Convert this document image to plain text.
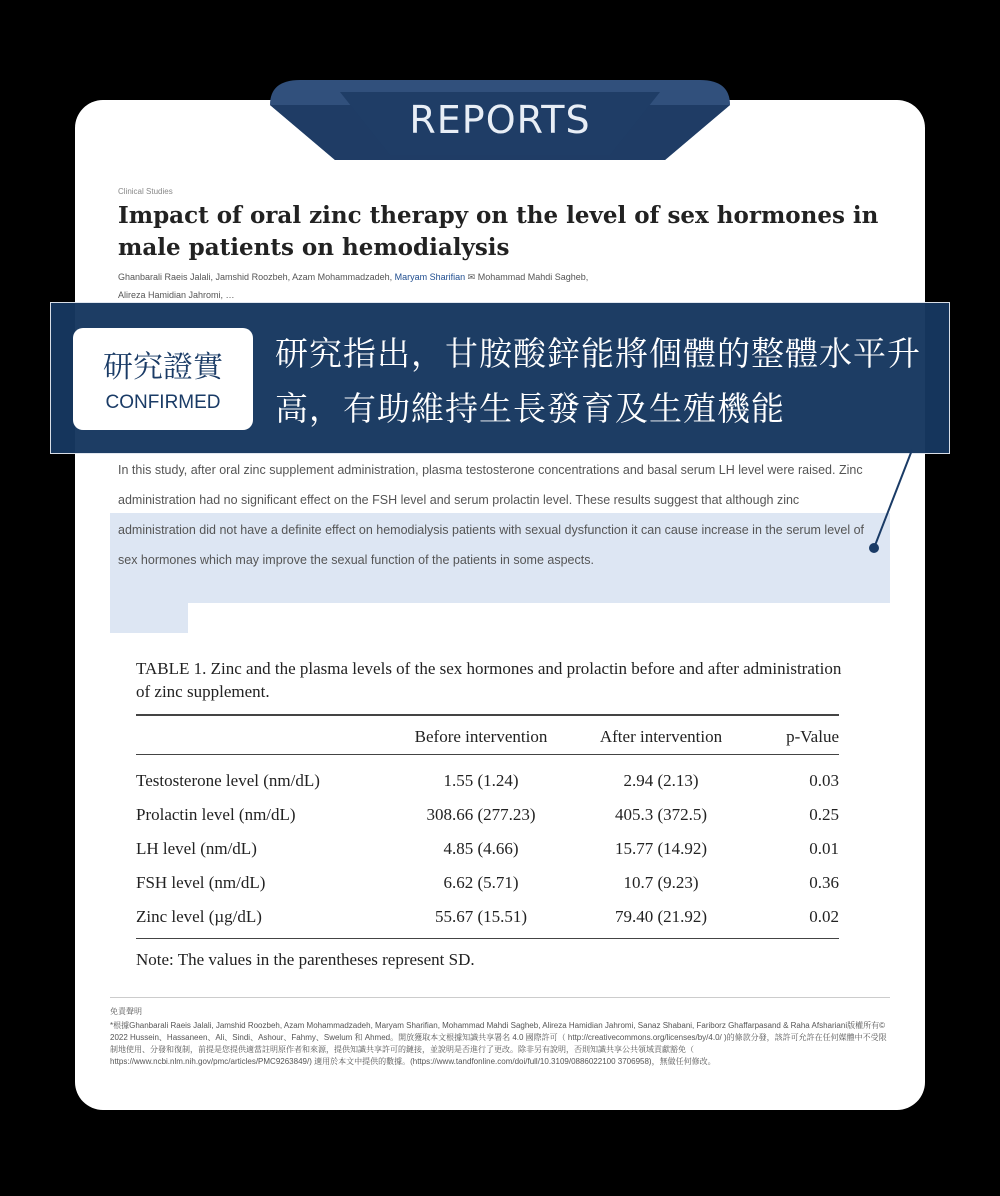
REPORTS
Clinical Studies
Impact of oral zinc therapy on the level of sex hormones in male patients on hemodialysis
Ghanbarali Raeis Jalali, Jamshid Roozbeh, Azam Mohammadzadeh, Maryam Sharifian ✉ Mohammad Mahdi Sagheb,
Alireza Hamidian Jahromi, …
In this study, after oral zinc supplement administration, plasma testosterone concentrations and basal serum LH level were raised. Zinc administration had no significant effect on the FSH level and serum prolactin level. These results suggest that although zinc administration did not have a definite effect on hemodialysis patients with sexual dysfunction it can cause increase in the serum level of sex hormones which may improve the sexual function of the patients in some aspects.
研究證實
CONFIRMED
研究指出，甘胺酸鋅能將個體的整體水平升高，有助維持生長發育及生殖機能
TABLE 1. Zinc and the plasma levels of the sex hormones and prolactin before and after administration of zinc supplement.
	Before intervention	After intervention	p-Value

Testosterone level (nm/dL)	1.55 (1.24)	2.94 (2.13)	0.03
Prolactin level (nm/dL)	308.66 (277.23)	405.3 (372.5)	0.25
LH level (nm/dL)	4.85 (4.66)	15.77 (14.92)	0.01
FSH level (nm/dL)	6.62 (5.71)	10.7 (9.23)	0.36
Zinc level (µg/dL)	55.67 (15.51)	79.40 (21.92)	0.02
Note: The values in the parentheses represent SD.
免責聲明
*根據Ghanbarali Raeis Jalali, Jamshid Roozbeh, Azam Mohammadzadeh, Maryam Sharifian, Mohammad Mahdi Sagheb, Alireza Hamidian Jahromi, Sanaz Shabani, Fariborz Ghaffarpasand & Raha Afshariani版權所有© 2022 Hussein、Hassaneen、Ali、Sindi、Ashour、Fahmy、Swelum 和 Ahmed。開放獲取本文根據知識共享署名 4.0 國際許可（ http://creativecommons.org/licenses/by/4.0/ )的條款分發，該許可允許在任何媒體中不受限制地使用、分發和復制，前提是您提供適當註明原作者和來源，提供知識共享許可的鏈接，並說明是否進行了更改。除非另有說明，否則知識共享公共領域貢獻豁免（ https://www.ncbi.nlm.nih.gov/pmc/articles/PMC9263849/) 適用於本文中提供的數據。(https://www.tandfonline.com/doi/full/10.3109/0886022100 3706958)，無做任何修改。
